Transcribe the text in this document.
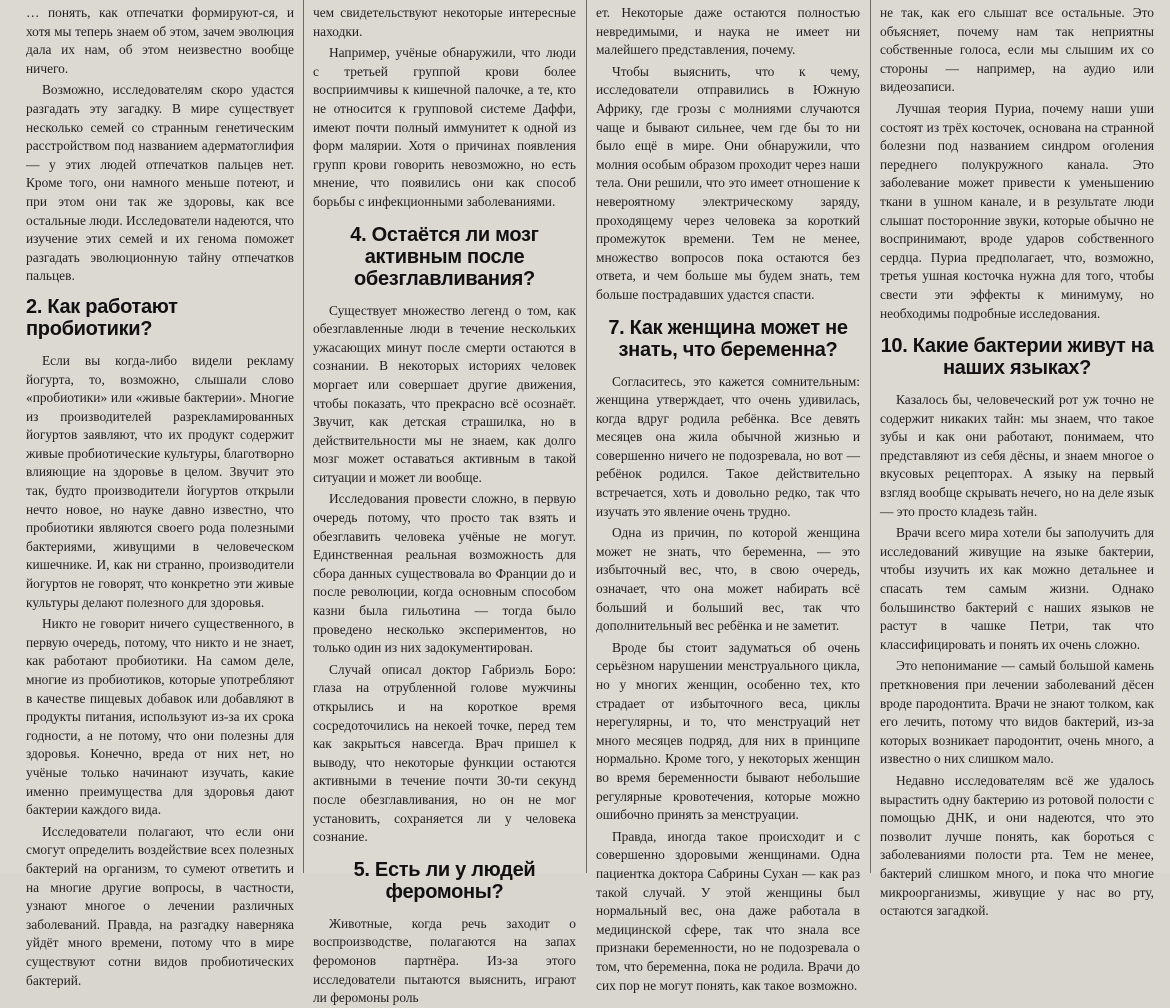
… понять, как отпечатки формируют-ся, и хотя мы теперь знаем об этом, зачем эволюция дала их нам, об этом неизвестно вообще ничего.

Возможно, исследователям скоро удастся разгадать эту загадку. В мире существует несколько семей со странным генетическим расстройством под названием адерматоглифия — у этих людей отпечатков пальцев нет. Кроме того, они намного меньше потеют, и при этом они так же здоровы, как все остальные люди. Исследователи надеются, что изучение этих семей и их генома поможет разгадать эволюционную тайну отпечатков пальцев.

2. Как работают пробиотики?

Если вы когда-либо видели рекламу йогурта, то, возможно, слышали слово «пробиотики» или «живые бактерии». Многие из производителей разрекламированных йогуртов заявляют, что их продукт содержит живые пробиотические культуры, благотворно влияющие на здоровье в целом. Звучит это так, будто производители йогуртов открыли нечто новое, но науке давно известно, что пробиотики являются своего рода полезными бактериями, живущими в человеческом кишечнике. И, как ни странно, производители йогуртов не говорят, что конкретно эти живые культуры делают полезного для здоровья.

Никто не говорит ничего существенного, в первую очередь, потому, что никто и не знает, как работают пробиотики. На самом деле, многие из пробиотиков, которые употребляют в качестве пищевых добавок или добавляют в продукты питания, используют из-за их срока годности, а не потому, что они полезны для здоровья. Конечно, вреда от них нет, но учёные только начинают изучать, какие именно преимущества для здоровья дают бактерии каждого вида.

Исследователи полагают, что если они смогут определить воздействие всех полезных бактерий на организм, то сумеют ответить и на многие другие вопросы, в частности, узнают многое о лечении различных заболеваний. Правда, на разгадку наверняка уйдёт много времени, потому что в мире существуют сотни видов пробиотических бактерий.

чем свидетельствуют некоторые интересные находки.

Например, учёные обнаружили, что люди с третьей группой крови более восприимчивы к кишечной палочке, а те, кто не относится к групповой системе Даффи, имеют почти полный иммунитет к одной из форм малярии. Хотя о причинах появления групп крови говорить невозможно, но есть мнение, что появились они как способ борьбы с инфекционными заболеваниями.

4. Остаётся ли мозг активным после обезглавливания?

Существует множество легенд о том, как обезглавленные люди в течение нескольких ужасающих минут после смерти остаются в сознании. В некоторых историях человек моргает или совершает другие движения, чтобы показать, что прекрасно всё осознаёт. Звучит, как детская страшилка, но в действительности мы не знаем, как долго мозг может оставаться активным в такой ситуации и может ли вообще.

Исследования провести сложно, в первую очередь потому, что просто так взять и обезглавить человека учёные не могут. Единственная реальная возможность для сбора данных существовала во Франции до и после революции, когда основным способом казни была гильотина — тогда было проведено несколько экспериментов, но только один из них задокументирован.

Случай описал доктор Габриэль Боро: глаза на отрубленной голове мужчины открылись и на короткое время сосредоточились на некоей точке, перед тем как закрыться навсегда. Врач пришел к выводу, что некоторые функции остаются активными в течение почти 30-ти секунд после обезглавливания, но он не мог установить, сохраняется ли у человека сознание.

5. Есть ли у людей феромоны?

Животные, когда речь заходит о воспроизводстве, полагаются на запах феромонов партнёра. Из-за этого исследователи пытаются выяснить, играют ли феромоны роль

ет. Некоторые даже остаются полностью невредимыми, и наука не имеет ни малейшего представления, почему.

Чтобы выяснить, что к чему, исследователи отправились в Южную Африку, где грозы с молниями случаются чаще и бывают сильнее, чем где бы то ни было ещё в мире. Они обнаружили, что молния особым образом проходит через наши тела. Они решили, что это имеет отношение к невероятному электрическому заряду, проходящему через человека за короткий промежуток времени. Тем не менее, множество вопросов пока остаются без ответа, и чем больше мы будем знать, тем больше пострадавших удастся спасти.

7. Как женщина может не знать, что беременна?

Согласитесь, это кажется сомнительным: женщина утверждает, что очень удивилась, когда вдруг родила ребёнка. Все девять месяцев она жила обычной жизнью и совершенно ничего не подозревала, но вот — ребёнок родился. Такое действительно встречается, хоть и довольно редко, так что изучать это явление очень трудно.

Одна из причин, по которой женщина может не знать, что беременна, — это избыточный вес, что, в свою очередь, означает, что она может набирать всё больший и больший вес, так что дополнительный вес ребёнка и не заметит.

Вроде бы стоит задуматься об очень серьёзном нарушении менструального цикла, но у многих женщин, особенно тех, кто страдает от избыточного веса, циклы нерегулярны, и то, что менструаций нет много месяцев подряд, для них в принципе нормально. Кроме того, у некоторых женщин во время беременности бывают небольшие регулярные кровотечения, которые можно ошибочно принять за менструации.

Правда, иногда такое происходит и с совершенно здоровыми женщинами. Одна пациентка доктора Сабрины Сухан — как раз такой случай. У этой женщины был нормальный вес, она даже работала в медицинской сфере, так что знала все признаки беременности, но не подозревала о том, что беременна, пока не родила. Врачи до сих пор не могут понять, как такое возможно.

не так, как его слышат все остальные. Это объясняет, почему нам так неприятны собственные голоса, если мы слышим их со стороны — например, на аудио или видеозаписи.

Лучшая теория Пуриа, почему наши уши состоят из трёх косточек, основана на странной болезни под названием синдром оголения переднего полукружного канала. Это заболевание может привести к уменьшению ткани в ушном канале, и в результате люди слышат посторонние звуки, которые обычно не воспринимают, вроде ударов собственного сердца. Пуриа предполагает, что, возможно, третья ушная косточка нужна для того, чтобы свести эти эффекты к минимуму, но необходимы подробные исследования.

10. Какие бактерии живут на наших языках?

Казалось бы, человеческий рот уж точно не содержит никаких тайн: мы знаем, что такое зубы и как они работают, понимаем, что представляют из себя дёсны, и знаем многое о вкусовых рецепторах. А языку на первый взгляд вообще скрывать нечего, но на деле язык — это просто кладезь тайн.

Врачи всего мира хотели бы заполучить для исследований живущие на языке бактерии, чтобы изучить их как можно детальнее и спасать тем самым жизни. Однако большинство бактерий с наших языков не растут в чашке Петри, так что классифицировать и понять их очень сложно.

Это непонимание — самый большой камень преткновения при лечении заболеваний дёсен вроде пародонтита. Врачи не знают толком, как его лечить, потому что видов бактерий, из-за которых возникает пародонтит, очень много, а известно о них слишком мало.

Недавно исследователям всё же удалось вырастить одну бактерию из ротовой полости с помощью ДНК, и они надеются, что это позволит лучше понять, как бороться с заболеваниями полости рта. Тем не менее, бактерий слишком много, и пока что многие микроорганизмы, живущие у нас во рту, остаются загадкой.
